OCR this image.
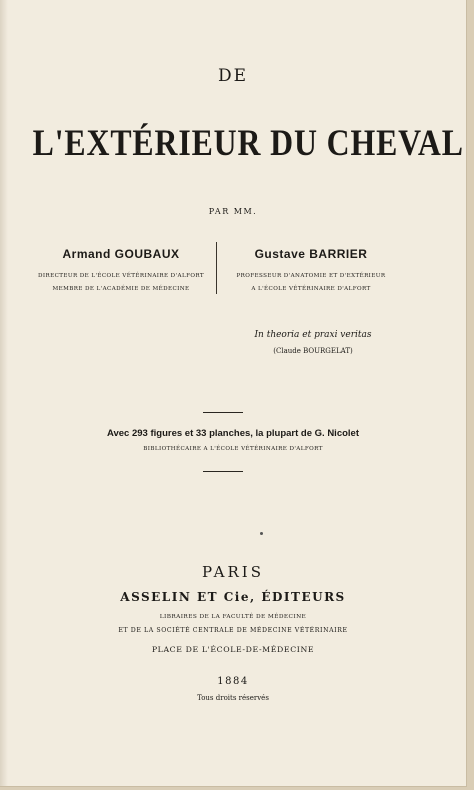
DE
L'EXTÉRIEUR DU CHEVAL
PAR MM.
Armand GOUBAUX
DIRECTEUR DE L'ÉCOLE VÉTÉRINAIRE D'ALFORT
MEMBRE DE L'ACADÉMIE DE MÉDECINE
Gustave BARRIER
PROFESSEUR D'ANATOMIE ET D'EXTÉRIEUR
A L'ÉCOLE VÉTÉRINAIRE D'ALFORT
In theoria et praxi veritas
(Claude BOURGELAT)
Avec 293 figures et 33 planches, la plupart de G. Nicolet
BIBLIOTHÉCAIRE A L'ÉCOLE VÉTÉRINAIRE D'ALFORT
PARIS
ASSELIN ET Cie, ÉDITEURS
LIBRAIRES DE LA FACULTÉ DE MÉDECINE
ET DE LA SOCIÉTÉ CENTRALE DE MÉDECINE VÉTÉRINAIRE
PLACE DE L'ÉCOLE-DE-MÉDECINE
1884
Tous droits réservés
